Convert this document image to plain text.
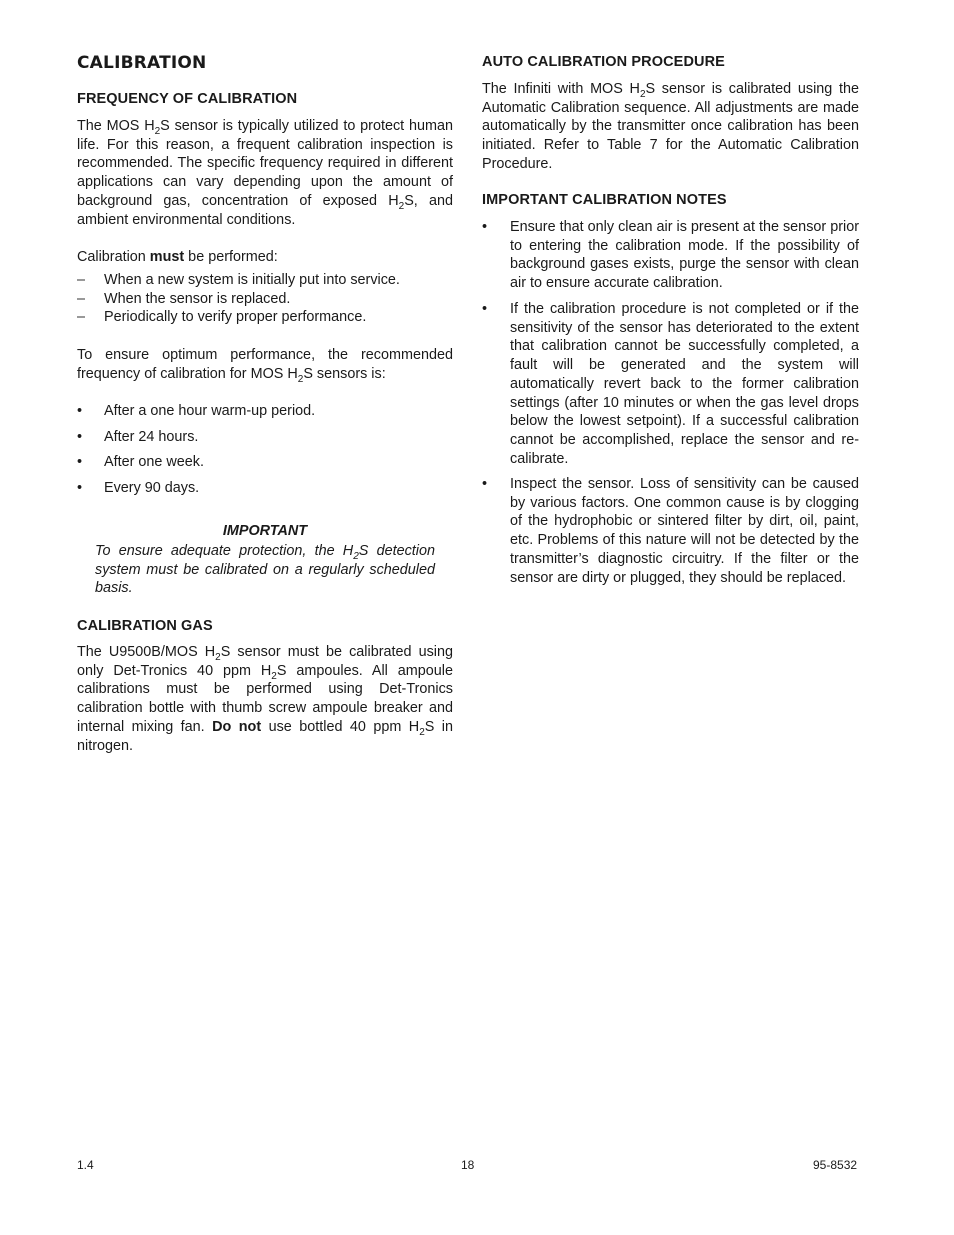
CALIBRATION
FREQUENCY OF CALIBRATION

The MOS $H_2S$ sensor is typically utilized to protect human life. For this reason, a frequent calibration inspection is recommended. The specific frequency required in different applications can vary depending upon the amount of background gas, concentration of exposed $H_2S$, and ambient environmental conditions.

Calibration must be performed:

– When a new system is initially put into service.
– When the sensor is replaced.
– Periodically to verify proper performance.

To ensure optimum performance, the recommended frequency of calibration for MOS $H_2S$ sensors is:

• After a one hour warm-up period.
• After 24 hours.
• After one week.
• Every 90 days.
IMPORTANT
To ensure adequate protection, the $H_2S$ detection system must be calibrated on a regularly scheduled basis.
CALIBRATION GAS

The U9500B/MOS $H_2S$ sensor must be calibrated using only Det-Tronics 40 ppm $H_2S$ ampoules. All ampoule calibrations must be performed using Det-Tronics calibration bottle with thumb screw ampoule breaker and internal mixing fan. Do not use bottled 40 ppm $H_2S$ in nitrogen.

AUTO CALIBRATION PROCEDURE

The Infiniti with MOS $H_2S$ sensor is calibrated using the Automatic Calibration sequence. All adjustments are made automatically by the transmitter once calibration has been initiated. Refer to Table 7 for the Automatic Calibration Procedure.

IMPORTANT CALIBRATION NOTES
• Ensure that only clean air is present at the sensor prior to entering the calibration mode. If the possibility of background gases exists, purge the sensor with clean air to ensure accurate calibration.
• If the calibration procedure is not completed or if the sensitivity of the sensor has deteriorated to the extent that calibration cannot be successfully completed, a fault will be generated and the system will automatically revert back to the former calibration settings (after 10 minutes or when the gas level drops below the lowest setpoint). If a successful calibration cannot be accomplished, replace the sensor and re-calibrate.
• Inspect the sensor. Loss of sensitivity can be caused by various factors. One common cause is by clogging of the hydrophobic or sintered filter by dirt, oil, paint, etc. Problems of this nature will not be detected by the transmitter’s diagnostic circuitry. If the filter or the sensor are dirty or plugged, they should be replaced.
1.4	18	95-8532
